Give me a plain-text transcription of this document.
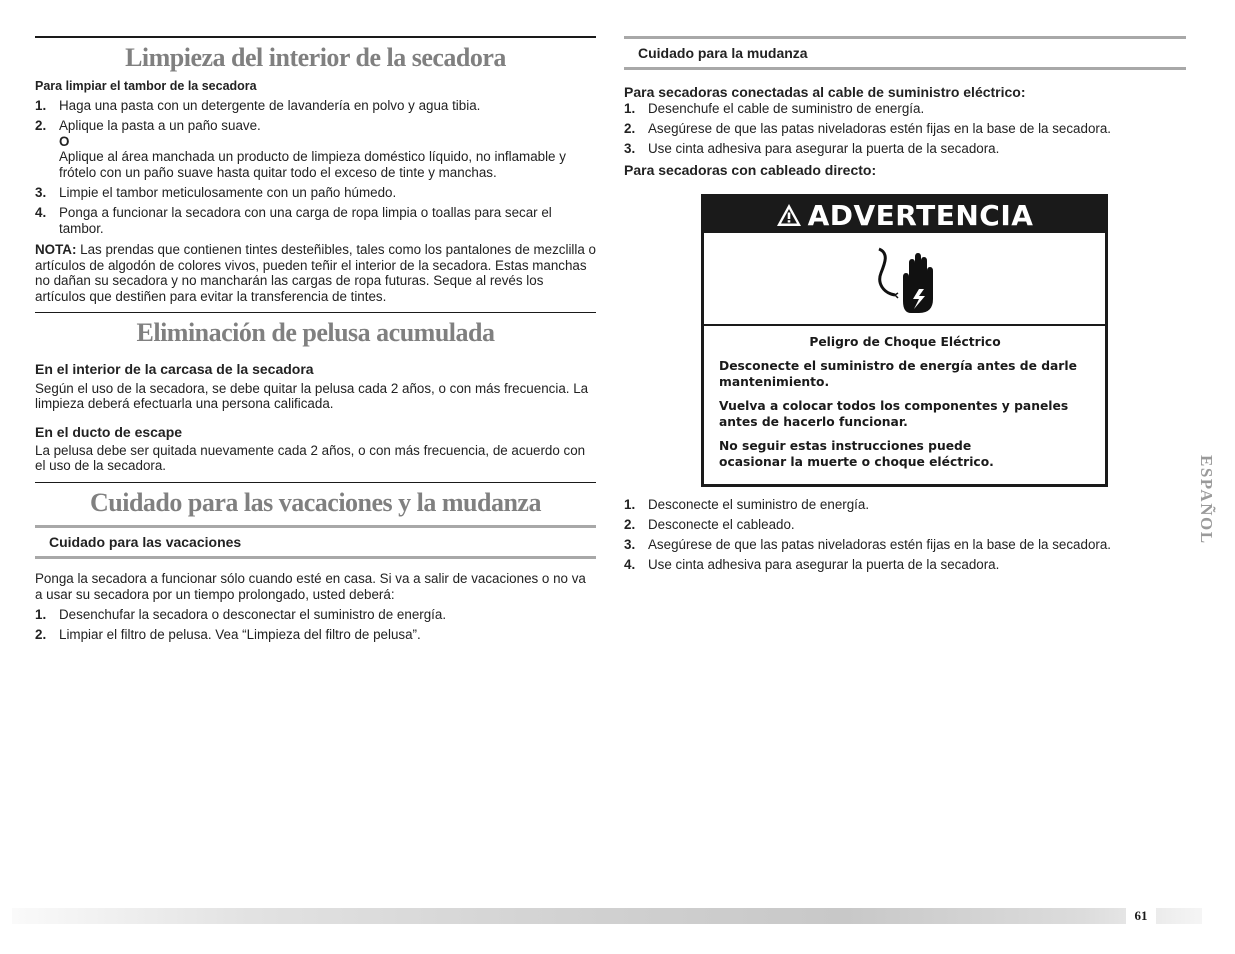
Limpieza del interior de la secadora
Para limpiar el tambor de la secadora
1. Haga una pasta con un detergente de lavandería en polvo y agua tibia.
2. Aplique la pasta a un paño suave.
O
Aplique al área manchada un producto de limpieza doméstico líquido, no inflamable y frótelo con un paño suave hasta quitar todo el exceso de tinte y manchas.
3. Limpie el tambor meticulosamente con un paño húmedo.
4. Ponga a funcionar la secadora con una carga de ropa limpia o toallas para secar el tambor.

NOTA: Las prendas que contienen tintes desteñibles, tales como los pantalones de mezclilla o artículos de algodón de colores vivos, pueden teñir el interior de la secadora. Estas manchas no dañan su secadora y no mancharán las cargas de ropa futuras. Seque al revés los artículos que destiñen para evitar la transferencia de tintes.

Eliminación de pelusa acumulada
En el interior de la carcasa de la secadora

Según el uso de la secadora, se debe quitar la pelusa cada 2 años, o con más frecuencia. La limpieza deberá efectuarla una persona calificada.

En el ducto de escape

La pelusa debe ser quitada nuevamente cada 2 años, o con más frecuencia, de acuerdo con el uso de la secadora.

Cuidado para las vacaciones y la mudanza
Cuidado para las vacaciones

Ponga la secadora a funcionar sólo cuando esté en casa. Si va a salir de vacaciones o no va a usar su secadora por un tiempo prolongado, usted deberá:

1. Desenchufar la secadora o desconectar el suministro de energía.
2. Limpiar el filtro de pelusa. Vea “Limpieza del filtro de pelusa”.
Cuidado para la mudanza
Para secadoras conectadas al cable de suministro eléctrico:
1. Desenchufe el cable de suministro de energía.
2. Asegúrese de que las patas niveladoras estén fijas en la base de la secadora.
3. Use cinta adhesiva para asegurar la puerta de la secadora.
Para secadoras con cableado directo:
1. Desconecte el suministro de energía.
2. Desconecte el cableado.
3. Asegúrese de que las patas niveladoras estén fijas en la base de la secadora.
4. Use cinta adhesiva para asegurar la puerta de la secadora.
ADVERTENCIA

Peligro de Choque Eléctrico

Desconecte el suministro de energía antes de darle mantenimiento.

Vuelva a colocar todos los componentes y paneles antes de hacerlo funcionar.

No seguir estas instrucciones puede ocasionar la muerte o choque eléctrico.	ESPAÑOL
61
